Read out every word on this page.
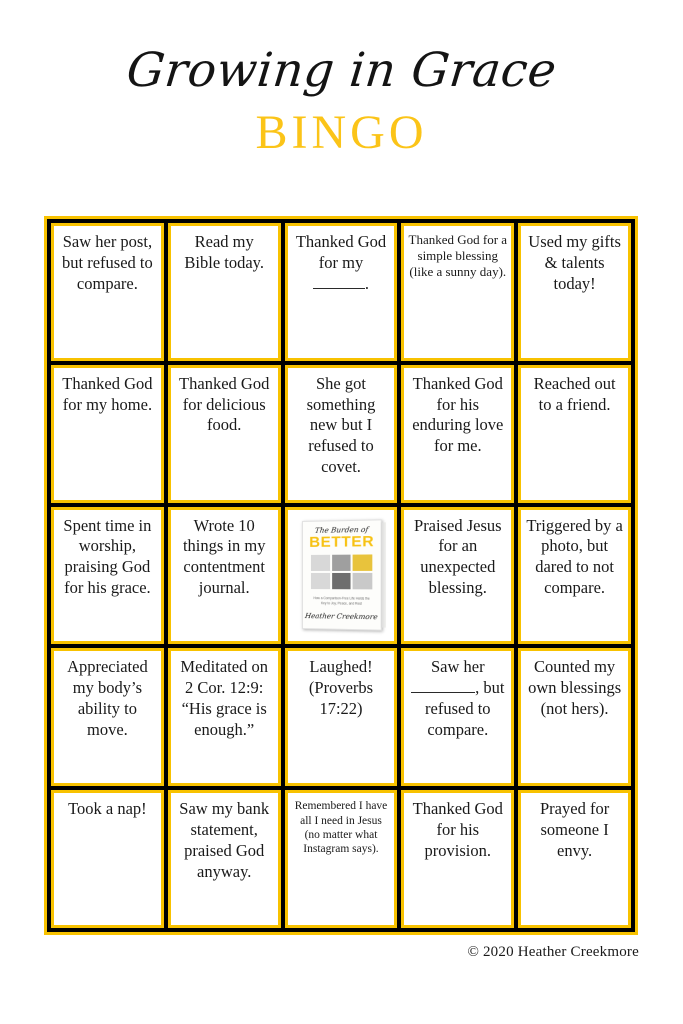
Growing in Grace
BINGO
Saw her post, but refused to compare.
Read my Bible today.
Thanked God for my .
Thanked God for a simple blessing (like a sunny day).
Used my gifts & talents today!
Thanked God for my home.
Thanked God for delicious food.
She got something new but I refused to covet.
Thanked God for his enduring love for me.
Reached out to a friend.
Spent time in worship, praising God for his grace.
Wrote 10 things in my contentment journal.
The Burden of
BETTER
How a Comparison-Free Life Holds the Key to Joy, Peace, and Rest
Heather Creekmore
Praised Jesus for an unexpected blessing.
Triggered by a photo, but dared to not compare.
Appreciated my body’s ability to move.
Meditated on 2 Cor. 12:9: “His grace is enough.”
Laughed! (Proverbs 17:22)
Saw her , but refused to compare.
Counted my own blessings (not hers).
Took a nap!	Saw my bank statement, praised God anyway.
Remembered I have all I need in Jesus (no matter what Instagram says).
Thanked God for his provision.
Prayed for someone I envy.
© 2020 Heather Creekmore
